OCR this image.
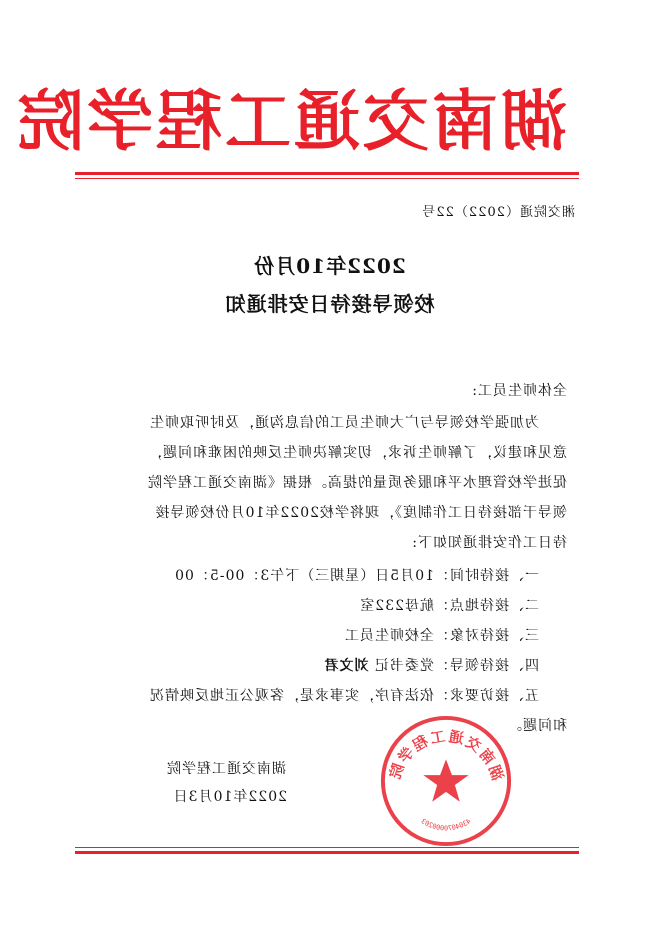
湖南交通工程学院
湘交院通（2022）22号
2022年10月份
校领导接待日安排通知
全体师生员工:
为加强学校领导与广大师生员工的信息沟通，及时听取师生
意见和建议，了解师生诉求，切实解决师生反映的困难和问题，
促进学校管理水平和服务质量的提高。根据《湖南交通工程学院
领导干部接待日工作制度》，现将学校2022年10月份校领导接
待日工作安排通知如下:
一、接待时间：10月5日（星期三）下午3：00-5：00
二、接待地点：航母232室
三、接待对象：全校师生员工
四、接待领导：党委书记 刘文君
五、接访要求：依法有序，实事求是，客观公正地反映情况
和问题。
湖南交通工程学院
4304070000203
湖南交通工程学院
2022年10月3日
